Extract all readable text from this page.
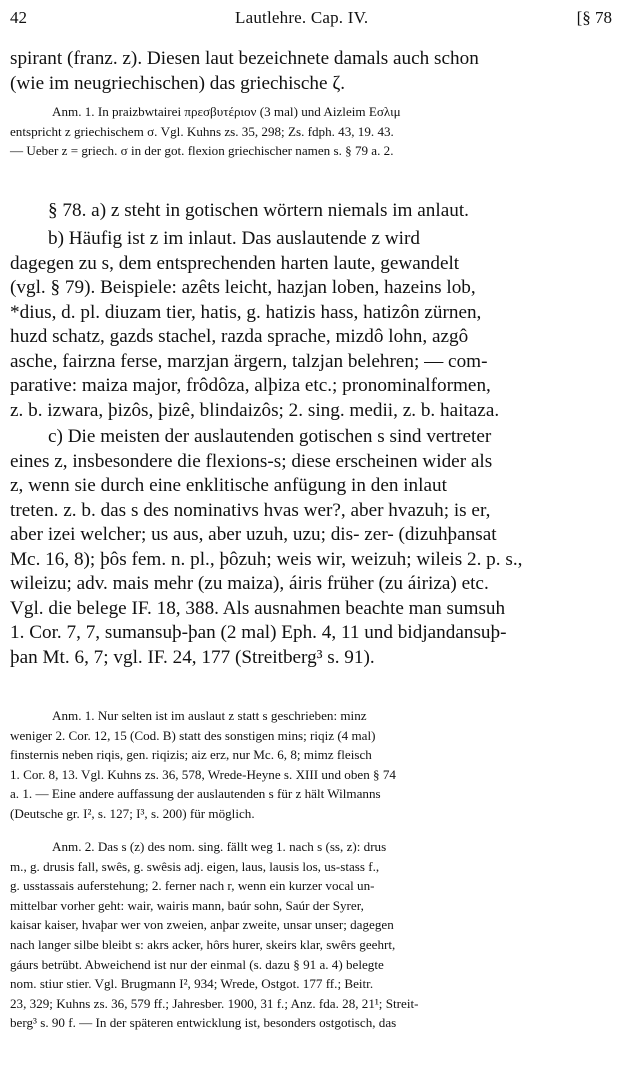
42	Lautlehre. Cap. IV.	[§ 78
spirant (franz. z). Diesen laut bezeichnete damals auch schon
(wie im neugriechischen) das griechische ζ.
Anm. 1. In praizbwtairei πρεσβυτέριον (3 mal) und Aizleim Εσλιμ
entspricht z griechischem σ. Vgl. Kuhns zs. 35, 298; Zs. fdph. 43, 19. 43.
— Ueber z = griech. σ in der got. flexion griechischer namen s. § 79 a. 2.
§ 78. a) z steht in gotischen wörtern niemals im anlaut.
b) Häufig ist z im inlaut. Das auslautende z wird
dagegen zu s, dem entsprechenden harten laute, gewandelt
(vgl. § 79). Beispiele: azêts leicht, hazjan loben, hazeins lob,
*dius, d. pl. diuzam tier, hatis, g. hatizis hass, hatizôn zürnen,
huzd schatz, gazds stachel, razda sprache, mizdô lohn, azgô
asche, fairzna ferse, marzjan ärgern, talzjan belehren; — com-
parative: maiza major, frôdôza, alþiza etc.; pronominalformen,
z. b. izwara, þizôs, þizê, blindaizôs; 2. sing. medii, z. b. haitaza.
c) Die meisten der auslautenden gotischen s sind vertreter
eines z, insbesondere die flexions-s; diese erscheinen wider als
z, wenn sie durch eine enklitische anfügung in den inlaut
treten. z. b. das s des nominativs hvas wer?, aber hvazuh; is er,
aber izei welcher; us aus, aber uzuh, uzu; dis- zer- (dizuhþansat
Mc. 16, 8); þôs fem. n. pl., þôzuh; weis wir, weizuh; wileis 2. p. s.,
wileizu; adv. mais mehr (zu maiza), áiris früher (zu áiriza) etc.
Vgl. die belege IF. 18, 388. Als ausnahmen beachte man sumsuh
1. Cor. 7, 7, sumansuþ-þan (2 mal) Eph. 4, 11 und bidjandansuþ-
þan Mt. 6, 7; vgl. IF. 24, 177 (Streitberg³ s. 91).
Anm. 1. Nur selten ist im auslaut z statt s geschrieben: minz
weniger 2. Cor. 12, 15 (Cod. B) statt des sonstigen mins; riqiz (4 mal)
finsternis neben riqis, gen. riqizis; aiz erz, nur Mc. 6, 8; mimz fleisch
1. Cor. 8, 13. Vgl. Kuhns zs. 36, 578, Wrede-Heyne s. XIII und oben § 74
a. 1. — Eine andere auffassung der auslautenden s für z hält Wilmanns
(Deutsche gr. I², s. 127; I³, s. 200) für möglich.
Anm. 2. Das s (z) des nom. sing. fällt weg 1. nach s (ss, z): drus
m., g. drusis fall, swês, g. swêsis adj. eigen, laus, lausis los, us-stass f.,
g. usstassais auferstehung; 2. ferner nach r, wenn ein kurzer vocal un-
mittelbar vorher geht: wair, wairis mann, baúr sohn, Saúr der Syrer,
kaisar kaiser, hvaþar wer von zweien, anþar zweite, unsar unser; dagegen
nach langer silbe bleibt s: akrs acker, hôrs hurer, skeirs klar, swêrs geehrt,
gáurs betrübt. Abweichend ist nur der einmal (s. dazu § 91 a. 4) belegte
nom. stiur stier. Vgl. Brugmann I², 934; Wrede, Ostgot. 177 ff.; Beitr.
23, 329; Kuhns zs. 36, 579 ff.; Jahresber. 1900, 31 f.; Anz. fda. 28, 21¹; Streit-
berg³ s. 90 f. — In der späteren entwicklung ist, besonders ostgotisch, das
